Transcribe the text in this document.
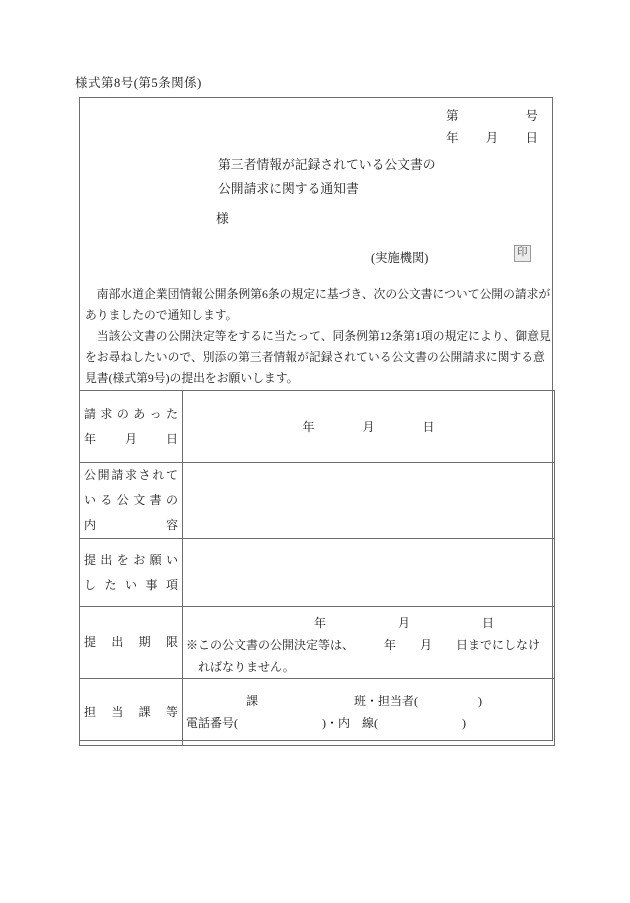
様式第8号(第5条関係)
第	号
年 月 日
第三者情報が記録されている公文書の
公開請求に関する通知書
様
(実施機関)	印
　南部水道企業団情報公開条例第6条の規定に基づき、次の公文書について公開の請求が
ありましたので通知します。
　当該公文書の公開決定等をするに当たって、同条例第12条第1項の規定により、御意見
をお尋ねしたいので、別添の第三者情報が記録されている公文書の公開請求に関する意
見書(様式第9号)の提出をお願いします。
請求のあった
年月日	年　　　　月　　　　日

公開請求されて
いる公文書の
内容	

提出をお願い
したい事項	

提出期限	年　　　　　　月　　　　　　日
※この公文書の公開決定等は、　　　年　　月　　日までにしなけ
　ればなりません。

担当課等	　　　　　課　　　　　　　　班・担当者(　　　　　)
電話番号(　　　　　　　)・内　線(　　　　　　　)
